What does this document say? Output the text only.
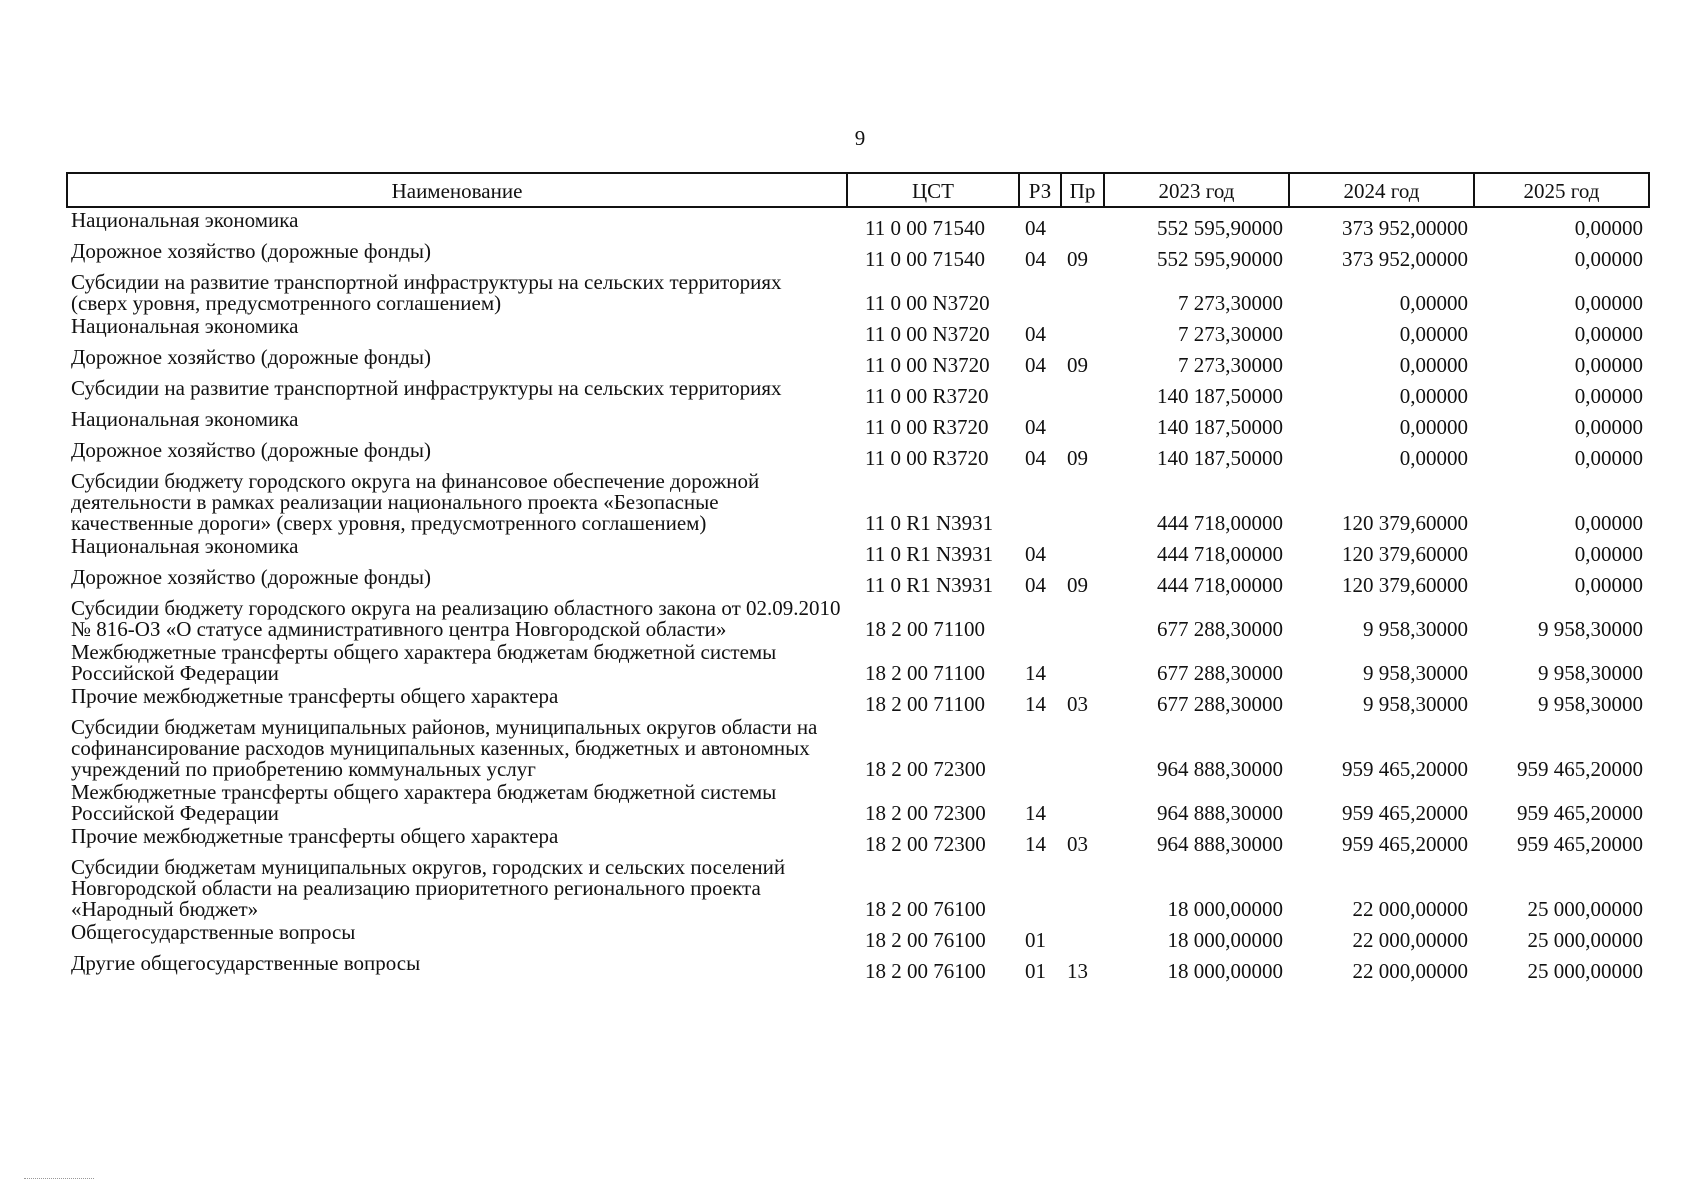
9
Наименование	ЦСТ	РЗ	Пр	2023 год	2024 год	2025 год
Национальная экономика	11 0 00 71540	04		552 595,90000	373 952,00000	0,00000
Дорожное хозяйство (дорожные фонды)	11 0 00 71540	04	09	552 595,90000	373 952,00000	0,00000
Субсидии на развитие транспортной инфраструктуры на сельских территориях (сверх уровня, предусмотренного соглашением)	11 0 00 N3720			7 273,30000	0,00000	0,00000
Национальная экономика	11 0 00 N3720	04		7 273,30000	0,00000	0,00000
Дорожное хозяйство (дорожные фонды)	11 0 00 N3720	04	09	7 273,30000	0,00000	0,00000
Субсидии на развитие транспортной инфраструктуры на сельских территориях	11 0 00 R3720			140 187,50000	0,00000	0,00000
Национальная экономика	11 0 00 R3720	04		140 187,50000	0,00000	0,00000
Дорожное хозяйство (дорожные фонды)	11 0 00 R3720	04	09	140 187,50000	0,00000	0,00000
Субсидии бюджету городского округа на финансовое обеспечение дорожной деятельности в рамках реализации национального проекта «Безопасные качественные дороги» (сверх уровня, предусмотренного соглашением)	11 0 R1 N3931			444 718,00000	120 379,60000	0,00000
Национальная экономика	11 0 R1 N3931	04		444 718,00000	120 379,60000	0,00000
Дорожное хозяйство (дорожные фонды)	11 0 R1 N3931	04	09	444 718,00000	120 379,60000	0,00000
Субсидии бюджету городского округа на реализацию областного закона от 02.09.2010 № 816-ОЗ «О статусе административного центра Новгородской области»	18 2 00 71100			677 288,30000	9 958,30000	9 958,30000
Межбюджетные трансферты общего характера бюджетам бюджетной системы Российской Федерации	18 2 00 71100	14		677 288,30000	9 958,30000	9 958,30000
Прочие межбюджетные трансферты общего характера	18 2 00 71100	14	03	677 288,30000	9 958,30000	9 958,30000
Субсидии бюджетам муниципальных районов, муниципальных округов области на софинансирование расходов муниципальных казенных, бюджетных и автономных учреждений по приобретению коммунальных услуг	18 2 00 72300			964 888,30000	959 465,20000	959 465,20000
Межбюджетные трансферты общего характера бюджетам бюджетной системы Российской Федерации	18 2 00 72300	14		964 888,30000	959 465,20000	959 465,20000
Прочие межбюджетные трансферты общего характера	18 2 00 72300	14	03	964 888,30000	959 465,20000	959 465,20000
Субсидии бюджетам муниципальных округов, городских и сельских поселений Новгородской области на реализацию приоритетного регионального проекта «Народный бюджет»	18 2 00 76100			18 000,00000	22 000,00000	25 000,00000
Общегосударственные вопросы	18 2 00 76100	01		18 000,00000	22 000,00000	25 000,00000
Другие общегосударственные вопросы	18 2 00 76100	01	13	18 000,00000	22 000,00000	25 000,00000
